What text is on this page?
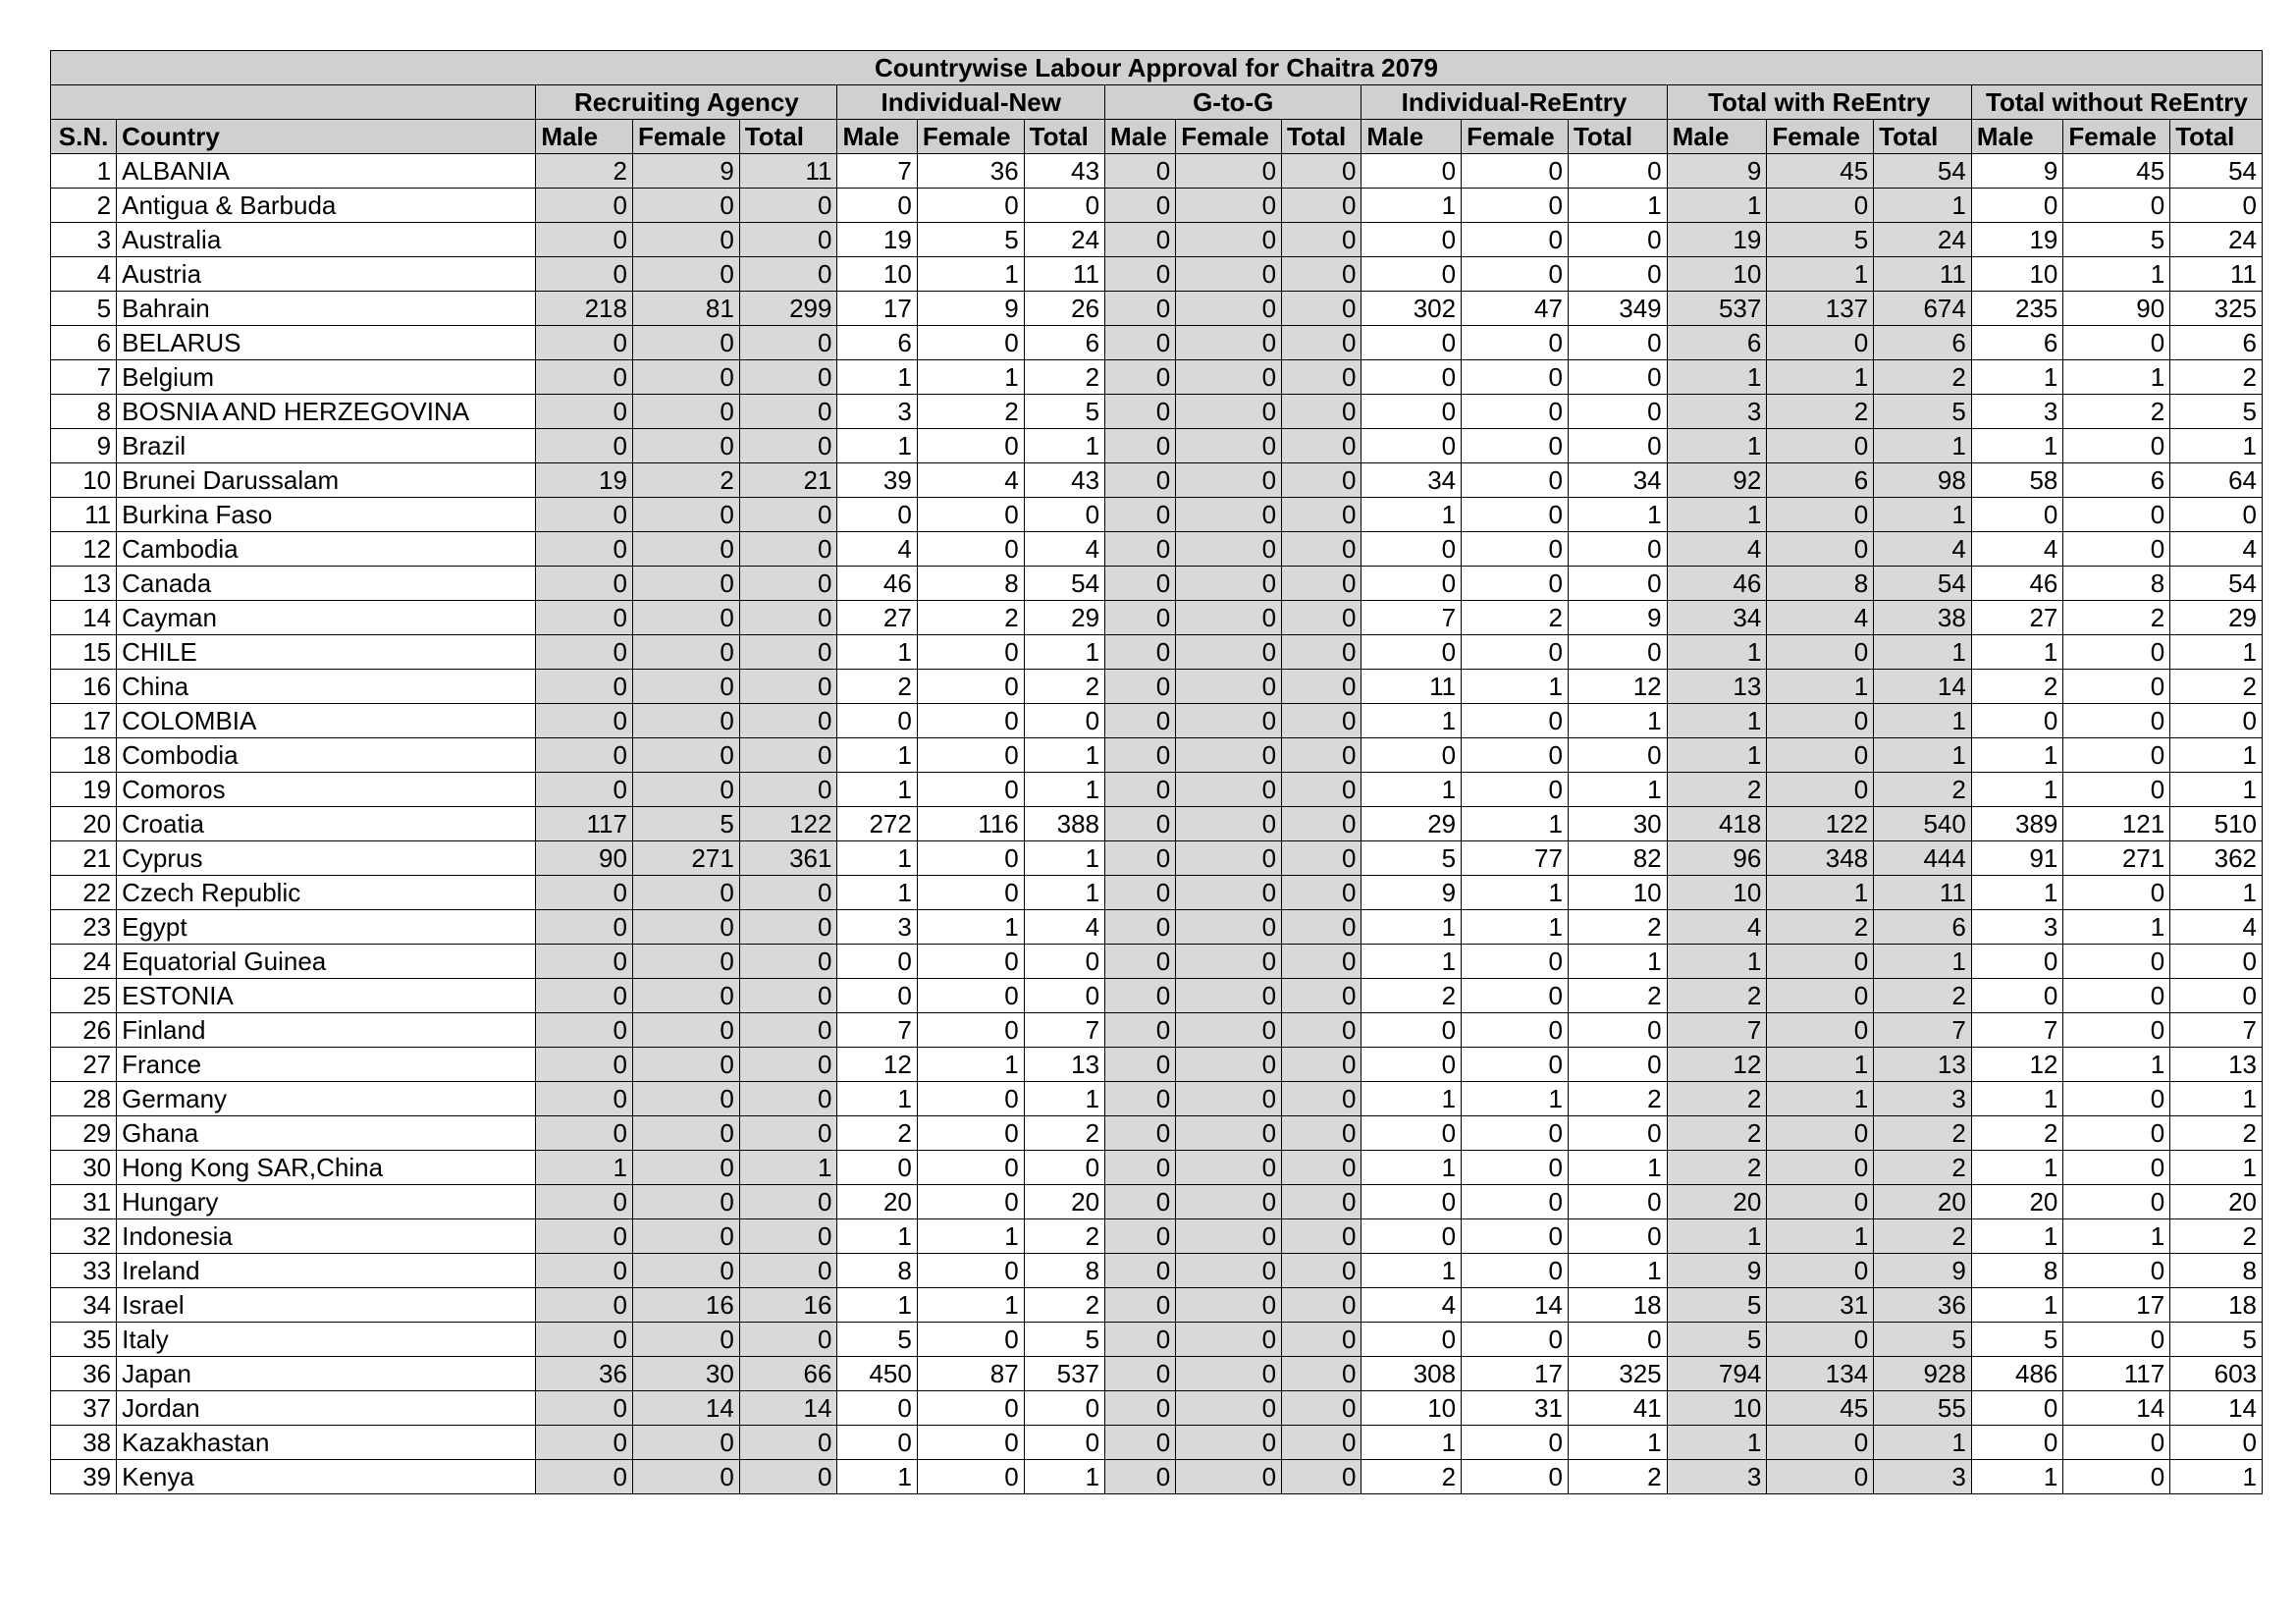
Countrywise Labour Approval for Chaitra 2079																			
		Recruiting Agency			Individual-New			G-to-G			Individual-ReEntry			Total with ReEntry			Total without ReEntry		
S.N.	Country	Male	Female	Total	Male	Female	Total	Male	Female	Total	Male	Female	Total	Male	Female	Total	Male	Female	Total
1	ALBANIA	2	9	11	7	36	43	0	0	0	0	0	0	9	45	54	9	45	54
2	Antigua & Barbuda	0	0	0	0	0	0	0	0	0	1	0	1	1	0	1	0	0	0
3	Australia	0	0	0	19	5	24	0	0	0	0	0	0	19	5	24	19	5	24
4	Austria	0	0	0	10	1	11	0	0	0	0	0	0	10	1	11	10	1	11
5	Bahrain	218	81	299	17	9	26	0	0	0	302	47	349	537	137	674	235	90	325
6	BELARUS	0	0	0	6	0	6	0	0	0	0	0	0	6	0	6	6	0	6
7	Belgium	0	0	0	1	1	2	0	0	0	0	0	0	1	1	2	1	1	2
8	BOSNIA AND HERZEGOVINA	0	0	0	3	2	5	0	0	0	0	0	0	3	2	5	3	2	5
9	Brazil	0	0	0	1	0	1	0	0	0	0	0	0	1	0	1	1	0	1
10	Brunei Darussalam	19	2	21	39	4	43	0	0	0	34	0	34	92	6	98	58	6	64
11	Burkina Faso	0	0	0	0	0	0	0	0	0	1	0	1	1	0	1	0	0	0
12	Cambodia	0	0	0	4	0	4	0	0	0	0	0	0	4	0	4	4	0	4
13	Canada	0	0	0	46	8	54	0	0	0	0	0	0	46	8	54	46	8	54
14	Cayman	0	0	0	27	2	29	0	0	0	7	2	9	34	4	38	27	2	29
15	CHILE	0	0	0	1	0	1	0	0	0	0	0	0	1	0	1	1	0	1
16	China	0	0	0	2	0	2	0	0	0	11	1	12	13	1	14	2	0	2
17	COLOMBIA	0	0	0	0	0	0	0	0	0	1	0	1	1	0	1	0	0	0
18	Combodia	0	0	0	1	0	1	0	0	0	0	0	0	1	0	1	1	0	1
19	Comoros	0	0	0	1	0	1	0	0	0	1	0	1	2	0	2	1	0	1
20	Croatia	117	5	122	272	116	388	0	0	0	29	1	30	418	122	540	389	121	510
21	Cyprus	90	271	361	1	0	1	0	0	0	5	77	82	96	348	444	91	271	362
22	Czech Republic	0	0	0	1	0	1	0	0	0	9	1	10	10	1	11	1	0	1
23	Egypt	0	0	0	3	1	4	0	0	0	1	1	2	4	2	6	3	1	4
24	Equatorial Guinea	0	0	0	0	0	0	0	0	0	1	0	1	1	0	1	0	0	0
25	ESTONIA	0	0	0	0	0	0	0	0	0	2	0	2	2	0	2	0	0	0
26	Finland	0	0	0	7	0	7	0	0	0	0	0	0	7	0	7	7	0	7
27	France	0	0	0	12	1	13	0	0	0	0	0	0	12	1	13	12	1	13
28	Germany	0	0	0	1	0	1	0	0	0	1	1	2	2	1	3	1	0	1
29	Ghana	0	0	0	2	0	2	0	0	0	0	0	0	2	0	2	2	0	2
30	Hong Kong SAR,China	1	0	1	0	0	0	0	0	0	1	0	1	2	0	2	1	0	1
31	Hungary	0	0	0	20	0	20	0	0	0	0	0	0	20	0	20	20	0	20
32	Indonesia	0	0	0	1	1	2	0	0	0	0	0	0	1	1	2	1	1	2
33	Ireland	0	0	0	8	0	8	0	0	0	1	0	1	9	0	9	8	0	8
34	Israel	0	16	16	1	1	2	0	0	0	4	14	18	5	31	36	1	17	18
35	Italy	0	0	0	5	0	5	0	0	0	0	0	0	5	0	5	5	0	5
36	Japan	36	30	66	450	87	537	0	0	0	308	17	325	794	134	928	486	117	603
37	Jordan	0	14	14	0	0	0	0	0	0	10	31	41	10	45	55	0	14	14
38	Kazakhastan	0	0	0	0	0	0	0	0	0	1	0	1	1	0	1	0	0	0
39	Kenya	0	0	0	1	0	1	0	0	0	2	0	2	3	0	3	1	0	1
